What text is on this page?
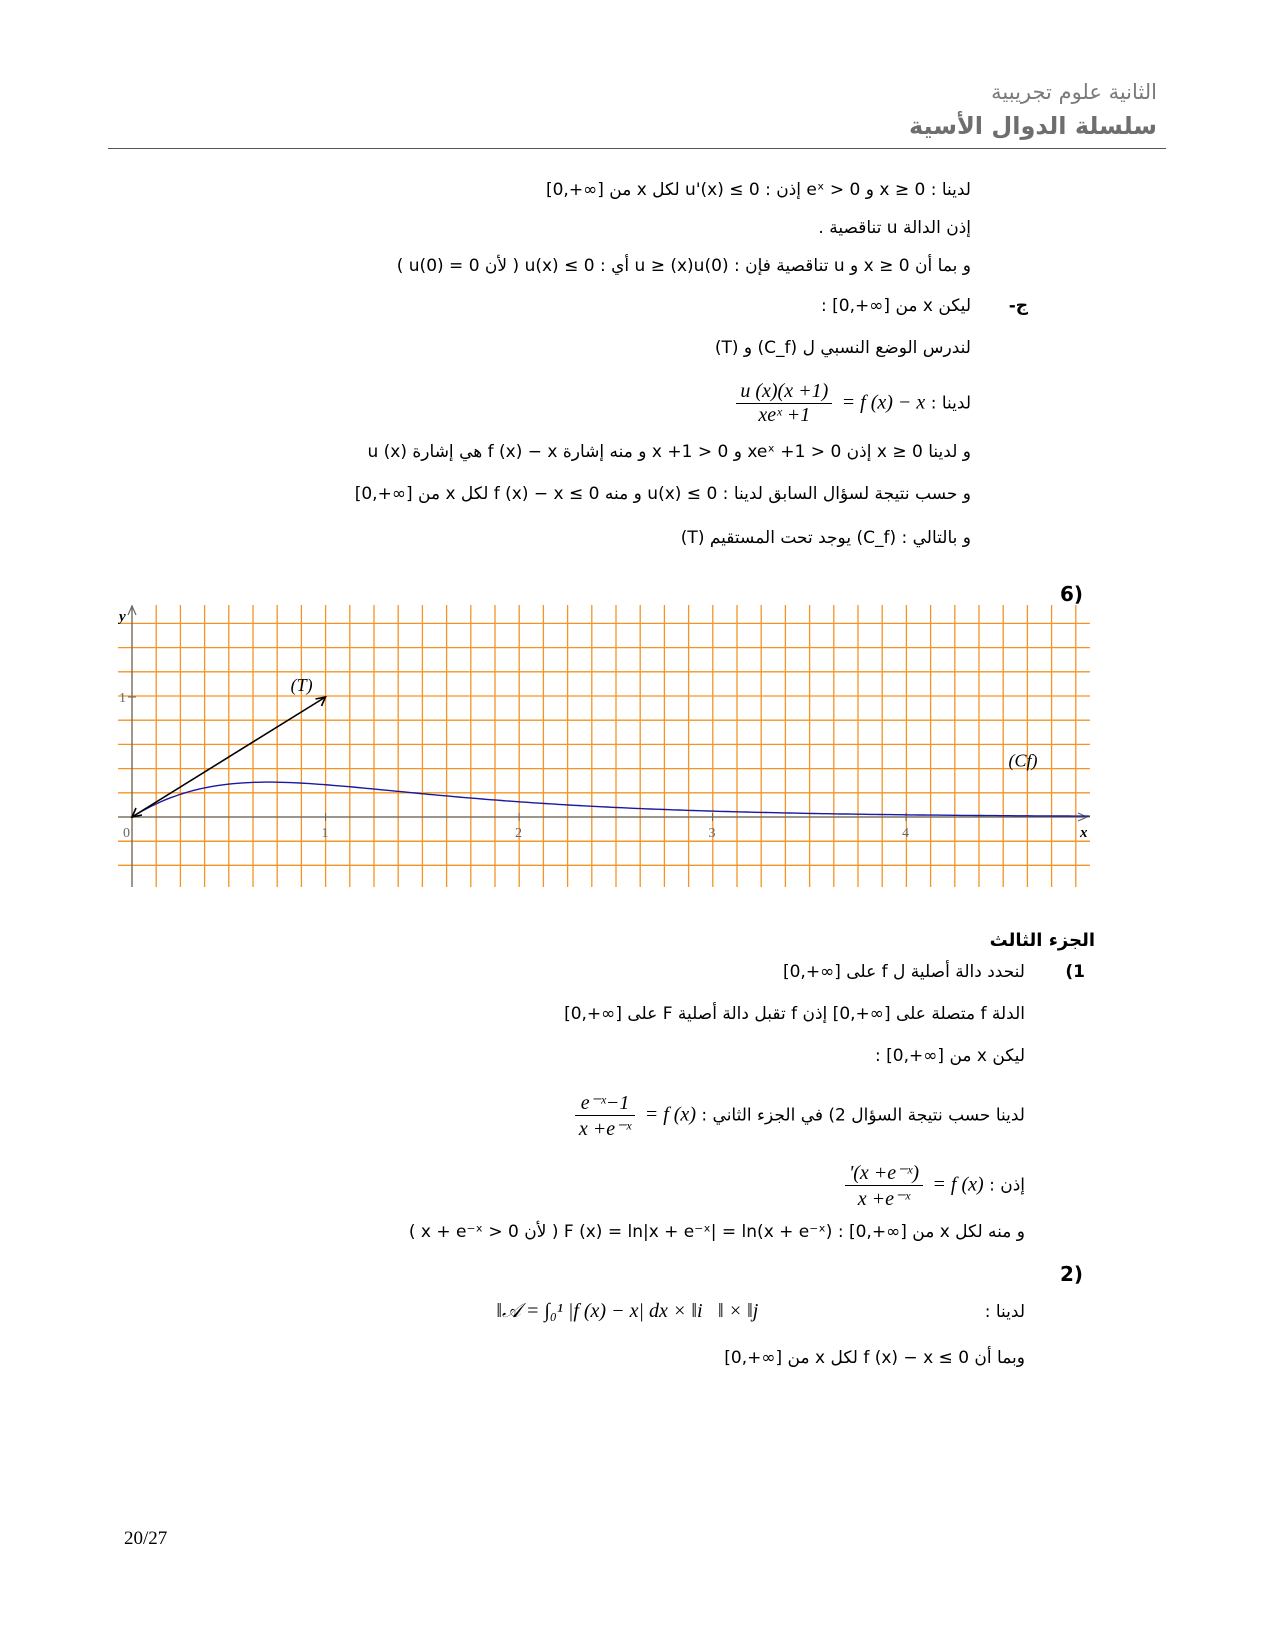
الثانية علوم تجريبية
سلسلة الدوال الأسية
لدينا : 0 ≤ x و 0 < eˣ إذن : 0 ≥ (x)'u لكل x من [∞+,0]
إذن الدالة u تناقصية .
و بما أن 0 ≤ x و u تناقصية فإن : (0)u ≥ (x)u أي : 0 ≥ (x)u ( لأن 0 = (0)u )
ج-
ليكن x من [∞+,0] :
لندرس الوضع النسبي ل (C_f) و (T)
لدينا : f (x) − x =
$\frac{(x +1)u (x)}{\text{xeˣ +1}}$
و لدينا 0 ≤ x إذن 0 < 1+ xeˣ و 0 < 1+ x و منه إشارة f (x) − x هي إشارة (x) u
و حسب نتيجة لسؤال السابق لدينا : 0 ≥ (x)u و منه 0 ≥ f (x) − x لكل x من [∞+,0]
و بالتالي : (C_f) يوجد تحت المستقيم (T)
(6
x
y
0	1	2	3	4
1
(T)
(Cf)
الجزء الثالث
1)
لنحدد دالة أصلية ل f على [∞+,0]
الدلة f متصلة على [∞+,0] إذن f تقبل دالة أصلية F على [∞+,0]
ليكن x من [∞+,0] :
لدينا حسب نتيجة السؤال 2) في الجزء الثاني : f (x) =
$\frac{\text{1−e⁻ˣ}}{\text{x +e⁻ˣ}}$
إذن : f (x) =
$\frac{\text{(x +e⁻ˣ)'}}{\text{x +e⁻ˣ}}$
و منه لكل x من [∞+,0] : F (x) = ln|x + e⁻ˣ| = ln(x + e⁻ˣ) ( لأن 0 < x + e⁻ˣ )
(2
لدينا :  𝒜 = ∫₀¹ |f (x) − x| dx × ‖i⃗‖ × ‖j⃗‖
وبما أن 0 ≥ f (x) − x لكل x من [∞+,0]
20/27
